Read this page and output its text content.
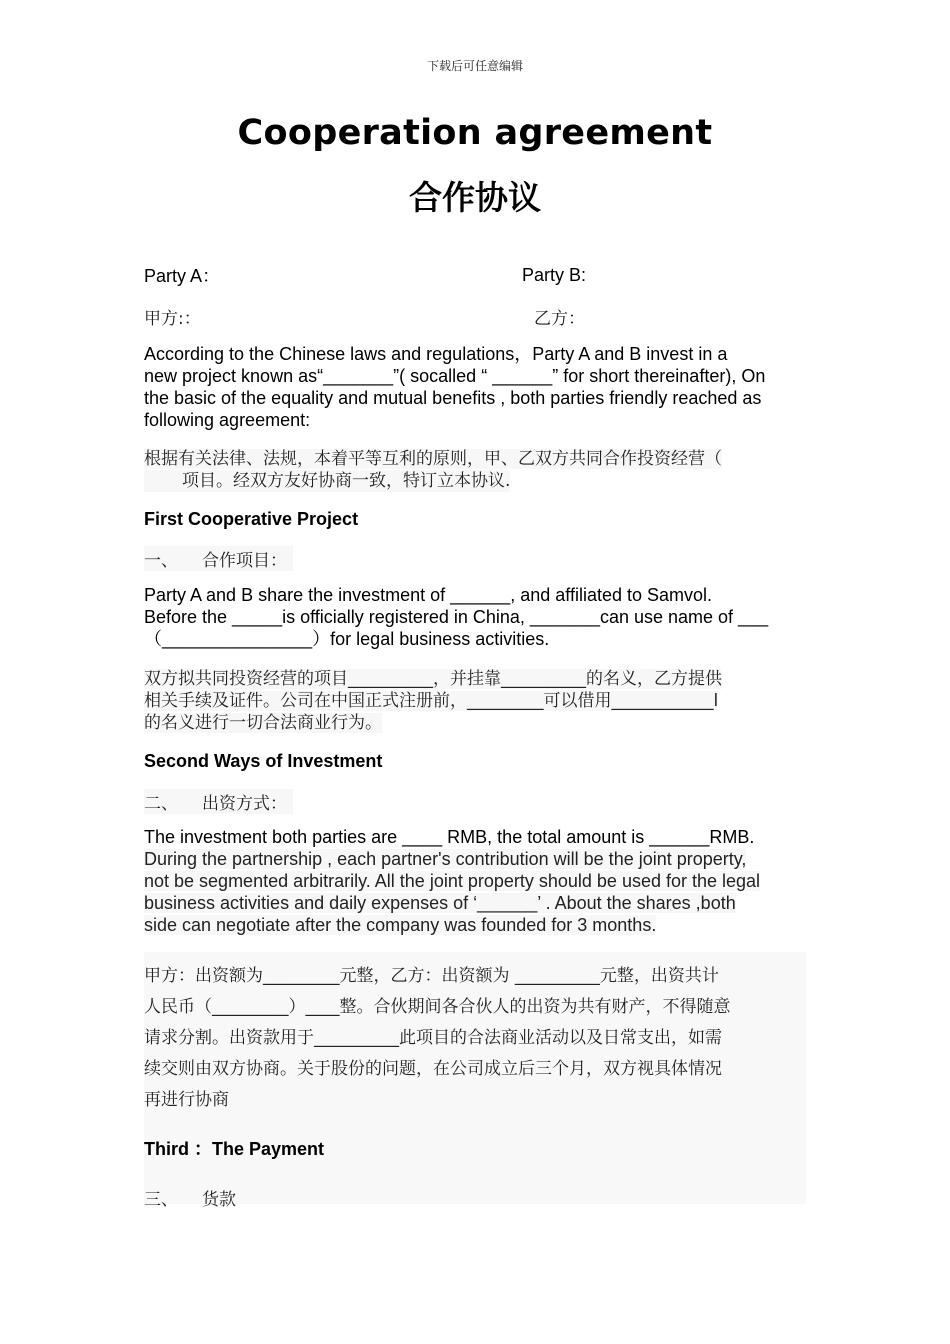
下载后可任意编辑
Cooperation agreement
合作协议
Party A：	Party B:
甲方:：	乙方：
According to the Chinese laws and regulations，Party A and B invest in a
new project known as“_______”( socalled “ ______” for short thereinafter), On
the basic of the equality and mutual benefits , both parties friendly reached as
following agreement:
根据有关法律、法规，本着平等互利的原则，甲、乙双方共同合作投资经营（
项目。经双方友好协商一致，特订立本协议.
First Cooperative Project
一、 合作项目：
Party A and B share the investment of ______, and affiliated to Samvol.
Before the _____is officially registered in China, _______can use name of ___
（_______________）for legal business activities.
双方拟共同投资经营的项目__________，并挂靠__________的名义，乙方提供
相关手续及证件。公司在中国正式注册前，_________可以借用____________l
的名义进行一切合法商业行为。
Second Ways of Investment
二、 出资方式：
The investment both parties are ____ RMB, the total amount is ______RMB.
During the partnership , each partner's contribution will be the joint property,
not be segmented arbitrarily. All the joint property should be used for the legal
business activities and daily expenses of ‘______’ . About the shares ,both
side can negotiate after the company was founded for 3 months.
甲方：出资额为_________元整，乙方：出资额为 __________元整，出资共计
人民币（_________）____整。合伙期间各合伙人的出资为共有财产，不得随意
请求分割。出资款用于__________此项目的合法商业活动以及日常支出，如需
续交则由双方协商。关于股份的问题，在公司成立后三个月，双方视具体情况
再进行协商
Third ：The Payment
三、 货款
